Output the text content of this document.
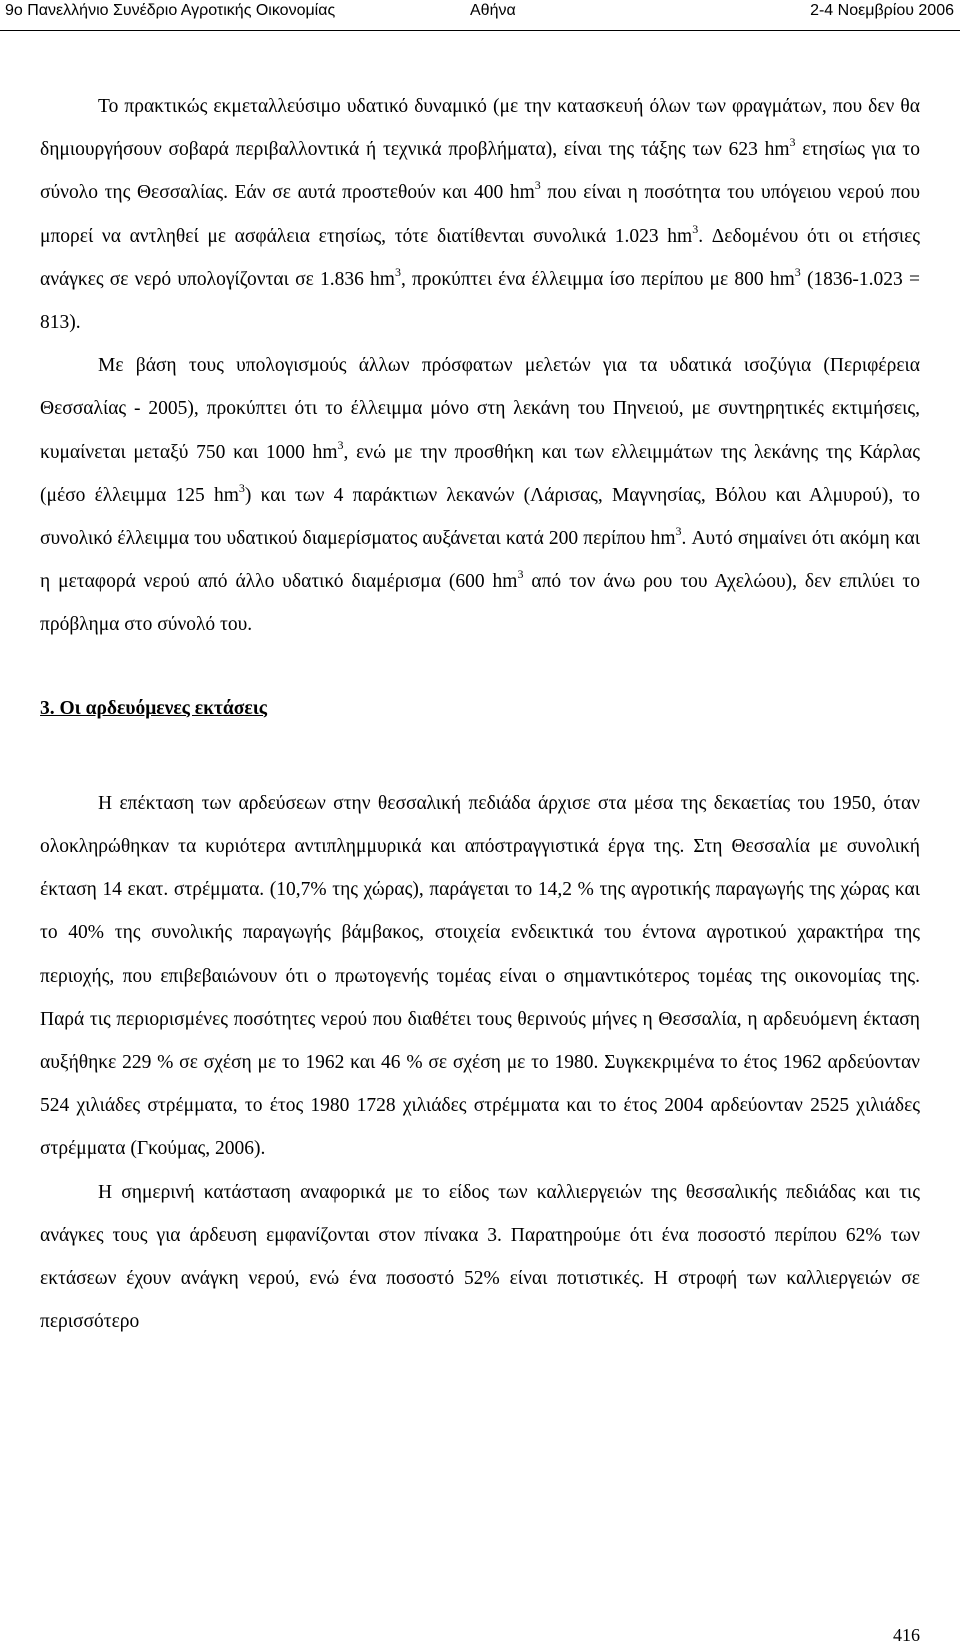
9ο Πανελλήνιο Συνέδριο Αγροτικής Οικονομίας	Αθήνα	2-4 Νοεμβρίου 2006

Το πρακτικώς εκμεταλλεύσιμο υδατικό δυναμικό (με την κατασκευή όλων των φραγμάτων, που δεν θα δημιουργήσουν σοβαρά περιβαλλοντικά ή τεχνικά προβλήματα), είναι της τάξης των 623 $hm^3$ ετησίως για το σύνολο της Θεσσαλίας. Εάν σε αυτά προστεθούν και 400 $hm^3$ που είναι η ποσότητα του υπόγειου νερού που μπορεί να αντληθεί με ασφάλεια ετησίως, τότε διατίθενται συνολικά 1.023 $hm^3$. Δεδομένου ότι οι ετήσιες ανάγκες σε νερό υπολογίζονται σε 1.836 $hm^3$, προκύπτει ένα έλλειμμα ίσο περίπου με 800 $hm^3$ (1836-1.023 = 813).

Με βάση τους υπολογισμούς άλλων πρόσφατων μελετών για τα υδατικά ισοζύγια (Περιφέρεια Θεσσαλίας - 2005), προκύπτει ότι το έλλειμμα μόνο στη λεκάνη του Πηνειού, με συντηρητικές εκτιμήσεις, κυμαίνεται μεταξύ 750 και 1000 $hm^3$, ενώ με την προσθήκη και των ελλειμμάτων της λεκάνης της Κάρλας (μέσο έλλειμμα 125 $hm^3$) και των 4 παράκτιων λεκανών (Λάρισας, Μαγνησίας, Βόλου και Αλμυρού), το συνολικό έλλειμμα του υδατικού διαμερίσματος αυξάνεται κατά 200 περίπου $hm^3$. Αυτό σημαίνει ότι ακόμη και η μεταφορά νερού από άλλο υδατικό διαμέρισμα (600 $hm^3$ από τον άνω ρου του Αχελώου), δεν επιλύει το πρόβλημα στο σύνολό του.

3. Οι αρδευόμενες εκτάσεις

Η επέκταση των αρδεύσεων στην θεσσαλική πεδιάδα άρχισε στα μέσα της δεκαετίας του 1950, όταν ολοκληρώθηκαν τα κυριότερα αντιπλημμυρικά και απόστραγγιστικά έργα της. Στη Θεσσαλία με συνολική έκταση 14 εκατ. στρέμματα. (10,7% της χώρας), παράγεται το 14,2 % της αγροτικής παραγωγής της χώρας και το 40% της συνολικής παραγωγής βάμβακος, στοιχεία ενδεικτικά του έντονα αγροτικού χαρακτήρα της περιοχής, που επιβεβαιώνουν ότι ο πρωτογενής τομέας είναι ο σημαντικότερος τομέας της οικονομίας της. Παρά τις περιορισμένες ποσότητες νερού που διαθέτει τους θερινούς μήνες η Θεσσαλία, η αρδευόμενη έκταση αυξήθηκε 229 % σε σχέση με το 1962 και 46 % σε σχέση με το 1980. Συγκεκριμένα το έτος 1962 αρδεύονταν 524 χιλιάδες στρέμματα, το έτος 1980 1728 χιλιάδες στρέμματα και το έτος 2004 αρδεύονταν 2525 χιλιάδες στρέμματα (Γκούμας, 2006).

Η σημερινή κατάσταση αναφορικά με το είδος των καλλιεργειών της θεσσαλικής πεδιάδας και τις ανάγκες τους για άρδευση εμφανίζονται στον πίνακα 3. Παρατηρούμε ότι ένα ποσοστό περίπου 62% των εκτάσεων έχουν ανάγκη νερού, ενώ ένα ποσοστό 52% είναι ποτιστικές. Η στροφή των καλλιεργειών σε περισσότερο

416
